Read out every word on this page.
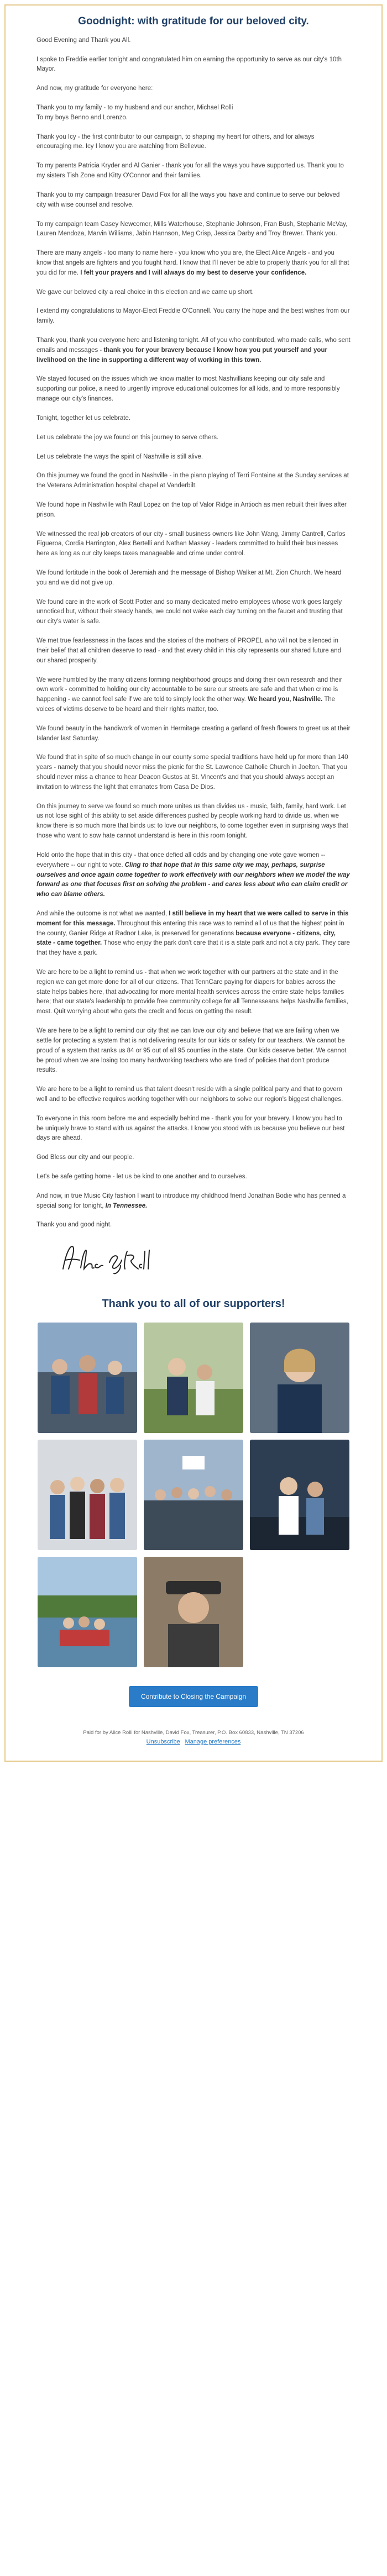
Goodnight: with gratitude for our beloved city.

Good Evening and Thank you All.

I spoke to Freddie earlier tonight and congratulated him on earning the opportunity to serve as our city's 10th Mayor.

And now, my gratitude for everyone here:

Thank you to my family - to my husband and our anchor, Michael Rolli
To my boys Benno and Lorenzo.

Thank you Icy - the first contributor to our campaign, to shaping my heart for others, and for always encouraging me. Icy I know you are watching from Bellevue.

To my parents Patricia Kryder and Al Ganier - thank you for all the ways you have supported us. Thank you to my sisters Tish Zone and Kitty O'Connor and their families.

Thank you to my campaign treasurer David Fox for all the ways you have and continue to serve our beloved city with wise counsel and resolve.

To my campaign team Casey Newcomer, Mills Waterhouse, Stephanie Johnson, Fran Bush, Stephanie McVay, Lauren Mendoza, Marvin Williams, Jabin Hannson, Meg Crisp, Jessica Darby and Troy Brewer. Thank you.

There are many angels - too many to name here - you know who you are, the Elect Alice Angels - and you know that angels are fighters and you fought hard. I know that I'll never be able to properly thank you for all that you did for me. I felt your prayers and I will always do my best to deserve your confidence.

We gave our beloved city a real choice in this election and we came up short.

I extend my congratulations to Mayor-Elect Freddie O'Connell. You carry the hope and the best wishes from our family.

Thank you, thank you everyone here and listening tonight. All of you who contributed, who made calls, who sent emails and messages - thank you for your bravery because I know how you put yourself and your livelihood on the line in supporting a different way of working in this town.

We stayed focused on the issues which we know matter to most Nashvillians keeping our city safe and supporting our police, a need to urgently improve educational outcomes for all kids, and to more responsibly manage our city's finances.

Tonight, together let us celebrate.

Let us celebrate the joy we found on this journey to serve others.

Let us celebrate the ways the spirit of Nashville is still alive.

On this journey we found the good in Nashville - in the piano playing of Terri Fontaine at the Sunday services at the Veterans Administration hospital chapel at Vanderbilt.

We found hope in Nashville with Raul Lopez on the top of Valor Ridge in Antioch as men rebuilt their lives after prison.

We witnessed the real job creators of our city - small business owners like John Wang, Jimmy Cantrell, Carlos Figueroa, Cordia Harrington, Alex Bertelli and Nathan Massey - leaders committed to build their businesses here as long as our city keeps taxes manageable and crime under control.

We found fortitude in the book of Jeremiah and the message of Bishop Walker at Mt. Zion Church. We heard you and we did not give up.

We found care in the work of Scott Potter and so many dedicated metro employees whose work goes largely unnoticed but, without their steady hands, we could not wake each day turning on the faucet and trusting that our city's water is safe.

We met true fearlessness in the faces and the stories of the mothers of PROPEL who will not be silenced in their belief that all children deserve to read - and that every child in this city represents our shared future and our shared prosperity.

We were humbled by the many citizens forming neighborhood groups and doing their own research and their own work - committed to holding our city accountable to be sure our streets are safe and that when crime is happening - we cannot feel safe if we are told to simply look the other way. We heard you, Nashville. The voices of victims deserve to be heard and their rights matter, too.

We found beauty in the handiwork of women in Hermitage creating a garland of fresh flowers to greet us at their Islander last Saturday.

We found that in spite of so much change in our county some special traditions have held up for more than 140 years - namely that you should never miss the picnic for the St. Lawrence Catholic Church in Joelton. That you should never miss a chance to hear Deacon Gustos at St. Vincent's and that you should always accept an invitation to witness the light that emanates from Casa De Dios.

On this journey to serve we found so much more unites us than divides us - music, faith, family, hard work. Let us not lose sight of this ability to set aside differences pushed by people working hard to divide us, when we know there is so much more that binds us: to love our neighbors, to come together even in surprising ways that those who want to sow hate cannot understand is here in this room tonight.

Hold onto the hope that in this city - that once defied all odds and by changing one vote gave women -- everywhere -- our right to vote. Cling to that hope that in this same city we may, perhaps, surprise ourselves and once again come together to work effectively with our neighbors when we model the way forward as one that focuses first on solving the problem - and cares less about who can claim credit or who can blame others.

And while the outcome is not what we wanted, I still believe in my heart that we were called to serve in this moment for this message. Throughout this entering this race was to remind all of us that the highest point in the county, Ganier Ridge at Radnor Lake, is preserved for generations because everyone - citizens, city, state - came together. Those who enjoy the park don't care that it is a state park and not a city park. They care that they have a park.

We are here to be a light to remind us - that when we work together with our partners at the state and in the region we can get more done for all of our citizens. That TennCare paying for diapers for babies across the state helps babies here, that advocating for more mental health services across the entire state helps families here; that our state's leadership to provide free community college for all Tennesseans helps Nashville families, most. Quit worrying about who gets the credit and focus on getting the result.

We are here to be a light to remind our city that we can love our city and believe that we are failing when we settle for protecting a system that is not delivering results for our kids or safety for our teachers. We cannot be proud of a system that ranks us 84 or 95 out of all 95 counties in the state. Our kids deserve better. We cannot be proud when we are losing too many hardworking teachers who are tired of policies that don't produce results.

We are here to be a light to remind us that talent doesn't reside with a single political party and that to govern well and to be effective requires working together with our neighbors to solve our region's biggest challenges.

To everyone in this room before me and especially behind me - thank you for your bravery. I know you had to be uniquely brave to stand with us against the attacks. I know you stood with us because you believe our best days are ahead.

God Bless our city and our people.

Let's be safe getting home - let us be kind to one another and to ourselves.

And now, in true Music City fashion I want to introduce my childhood friend Jonathan Bodie who has penned a special song for tonight, In Tennessee.

Thank you and good night.

Thank you to all of our supporters!
Contribute to Closing the Campaign
Paid for by Alice Rolli for Nashville, David Fox, Treasurer, P.O. Box 60833, Nashville, TN 37206
Unsubscribe Manage preferences
